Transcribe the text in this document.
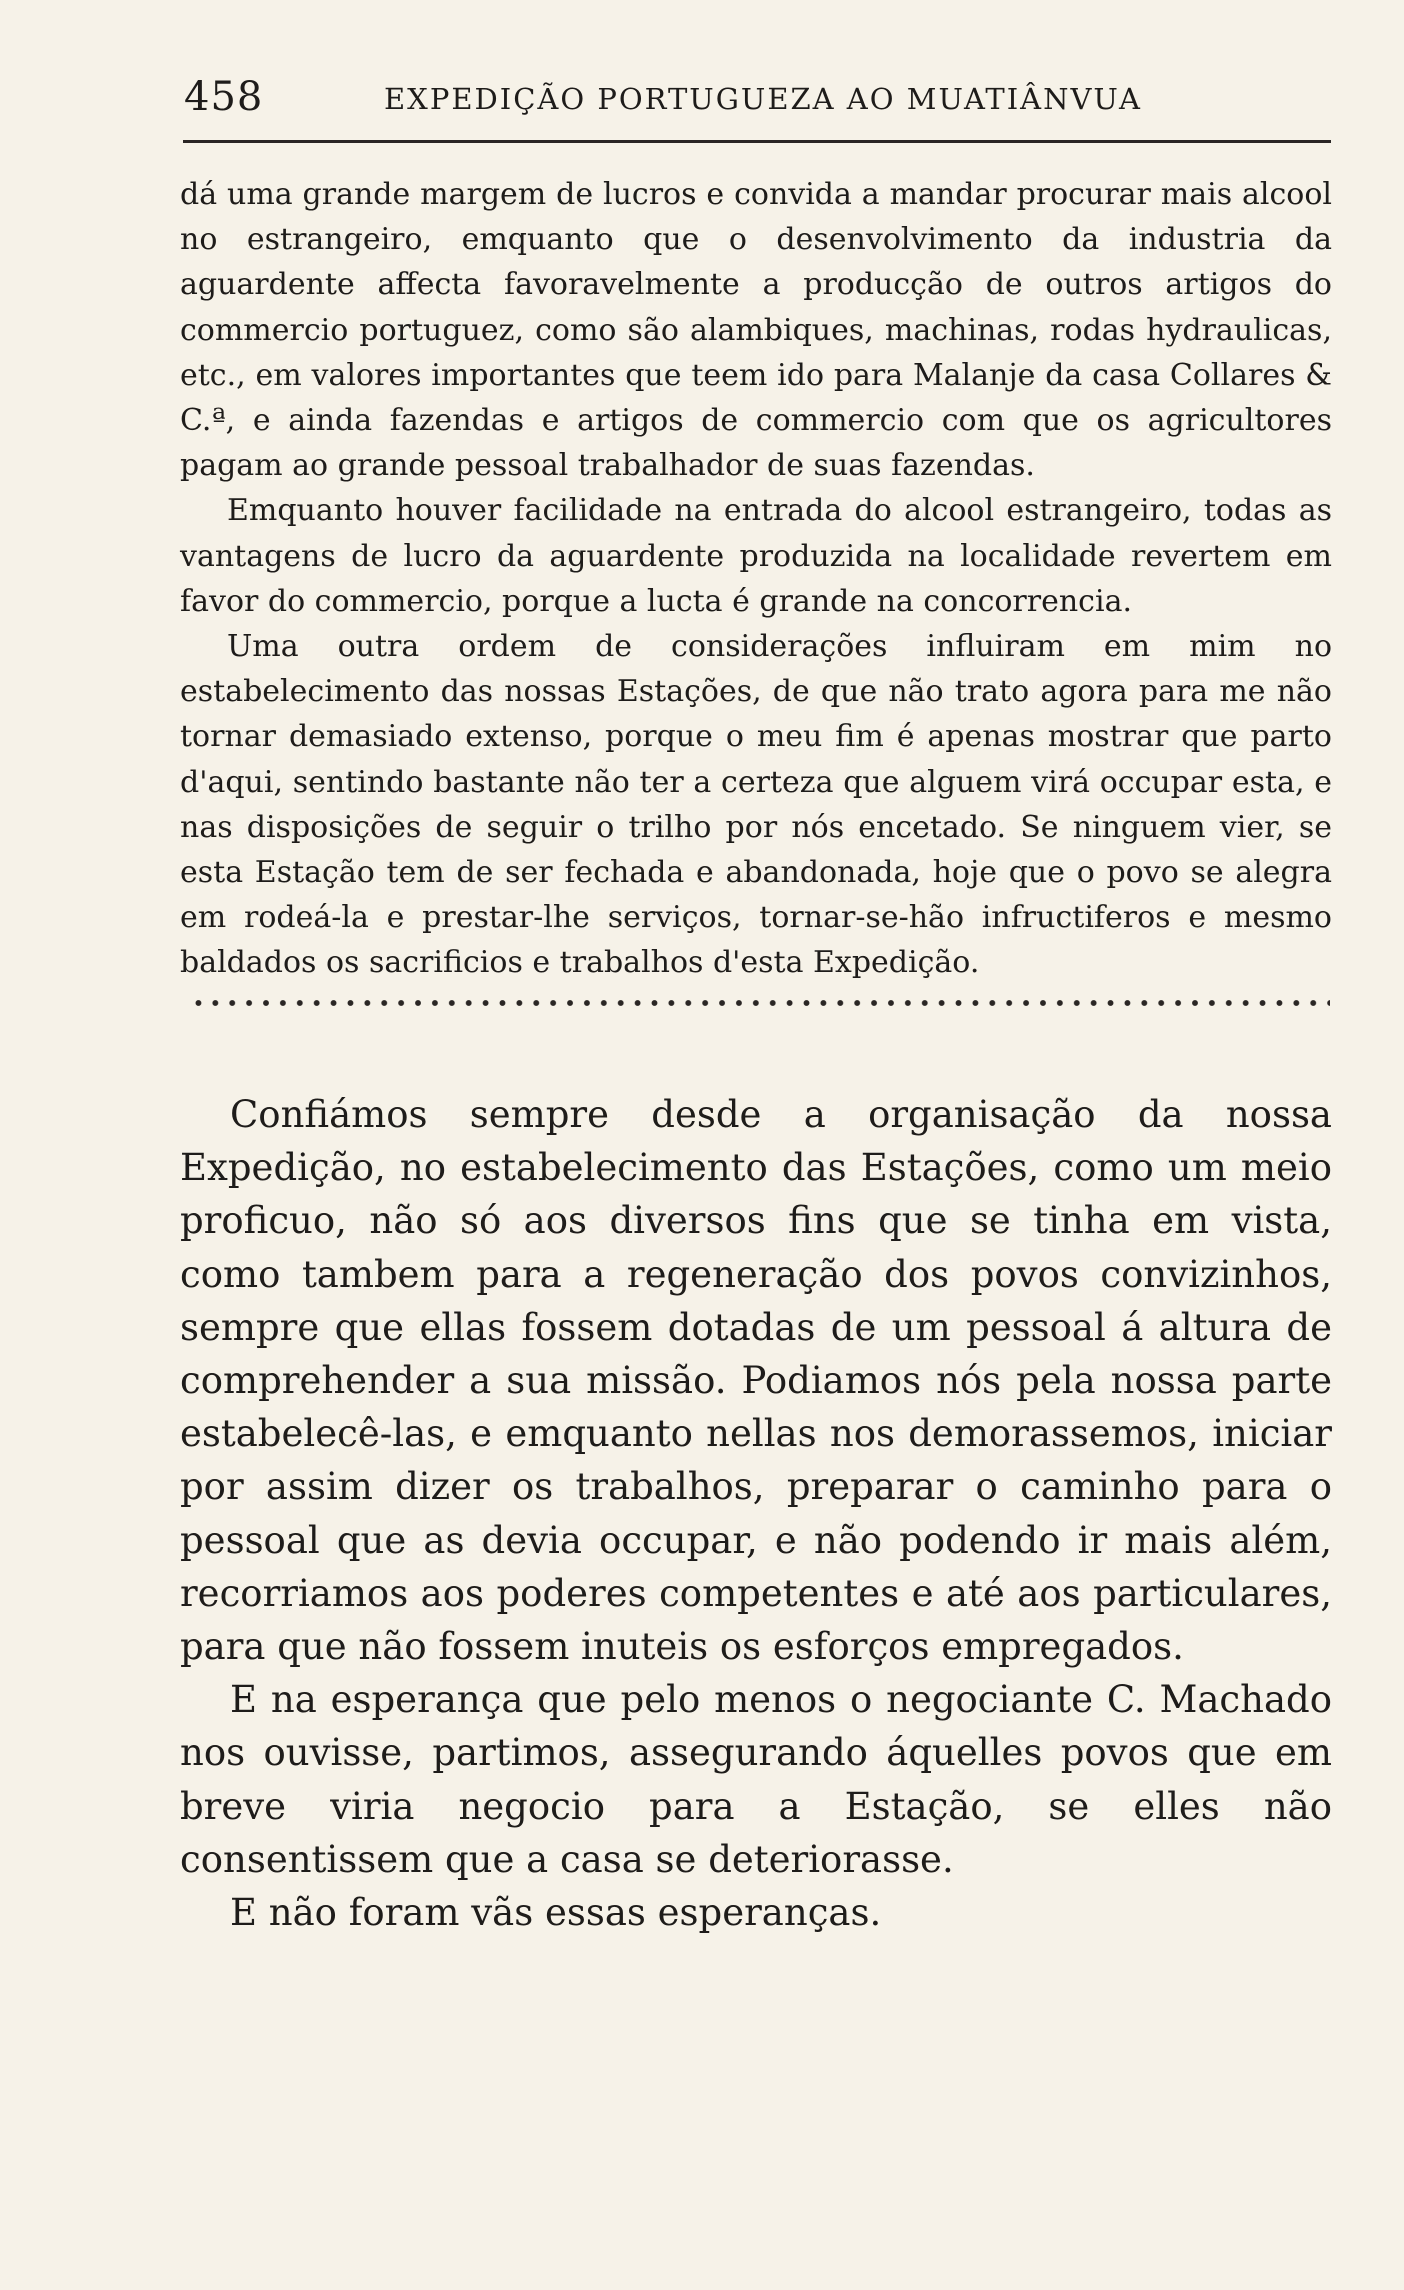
458	EXPEDIÇÃO PORTUGUEZA AO MUATIÂNVUA

dá uma grande margem de lucros e convida a mandar procurar mais alcool no estrangeiro, emquanto que o desenvolvimento da industria da aguardente affecta favoravelmente a producção de outros artigos do commercio portuguez, como são alambiques, machinas, rodas hydraulicas, etc., em valores importantes que teem ido para Malanje da casa Collares & C.ª, e ainda fazendas e artigos de commercio com que os agricultores pagam ao grande pessoal trabalhador de suas fazendas.

Emquanto houver facilidade na entrada do alcool estrangeiro, todas as vantagens de lucro da aguardente produzida na localidade revertem em favor do commercio, porque a lucta é grande na concorrencia.

Uma outra ordem de considerações influiram em mim no estabelecimento das nossas Estações, de que não trato agora para me não tornar demasiado extenso, porque o meu fim é apenas mostrar que parto d'aqui, sentindo bastante não ter a certeza que alguem virá occupar esta, e nas disposições de seguir o trilho por nós encetado. Se ninguem vier, se esta Estação tem de ser fechada e abandonada, hoje que o povo se alegra em rodeá-la e prestar-lhe serviços, tornar-se-hão infructiferos e mesmo baldados os sacrificios e trabalhos d'esta Expedição.

Confiámos sempre desde a organisação da nossa Expedição, no estabelecimento das Estações, como um meio proficuo, não só aos diversos fins que se tinha em vista, como tambem para a regeneração dos povos convizinhos, sempre que ellas fossem dotadas de um pessoal á altura de comprehender a sua missão. Podiamos nós pela nossa parte estabelecê-las, e emquanto nellas nos demorassemos, iniciar por assim dizer os trabalhos, preparar o caminho para o pessoal que as devia occupar, e não podendo ir mais além, recorriamos aos poderes competentes e até aos particulares, para que não fossem inuteis os esforços empregados.

E na esperança que pelo menos o negociante C. Machado nos ouvisse, partimos, assegurando áquelles povos que em breve viria negocio para a Estação, se elles não consentissem que a casa se deteriorasse.

E não foram vãs essas esperanças.
